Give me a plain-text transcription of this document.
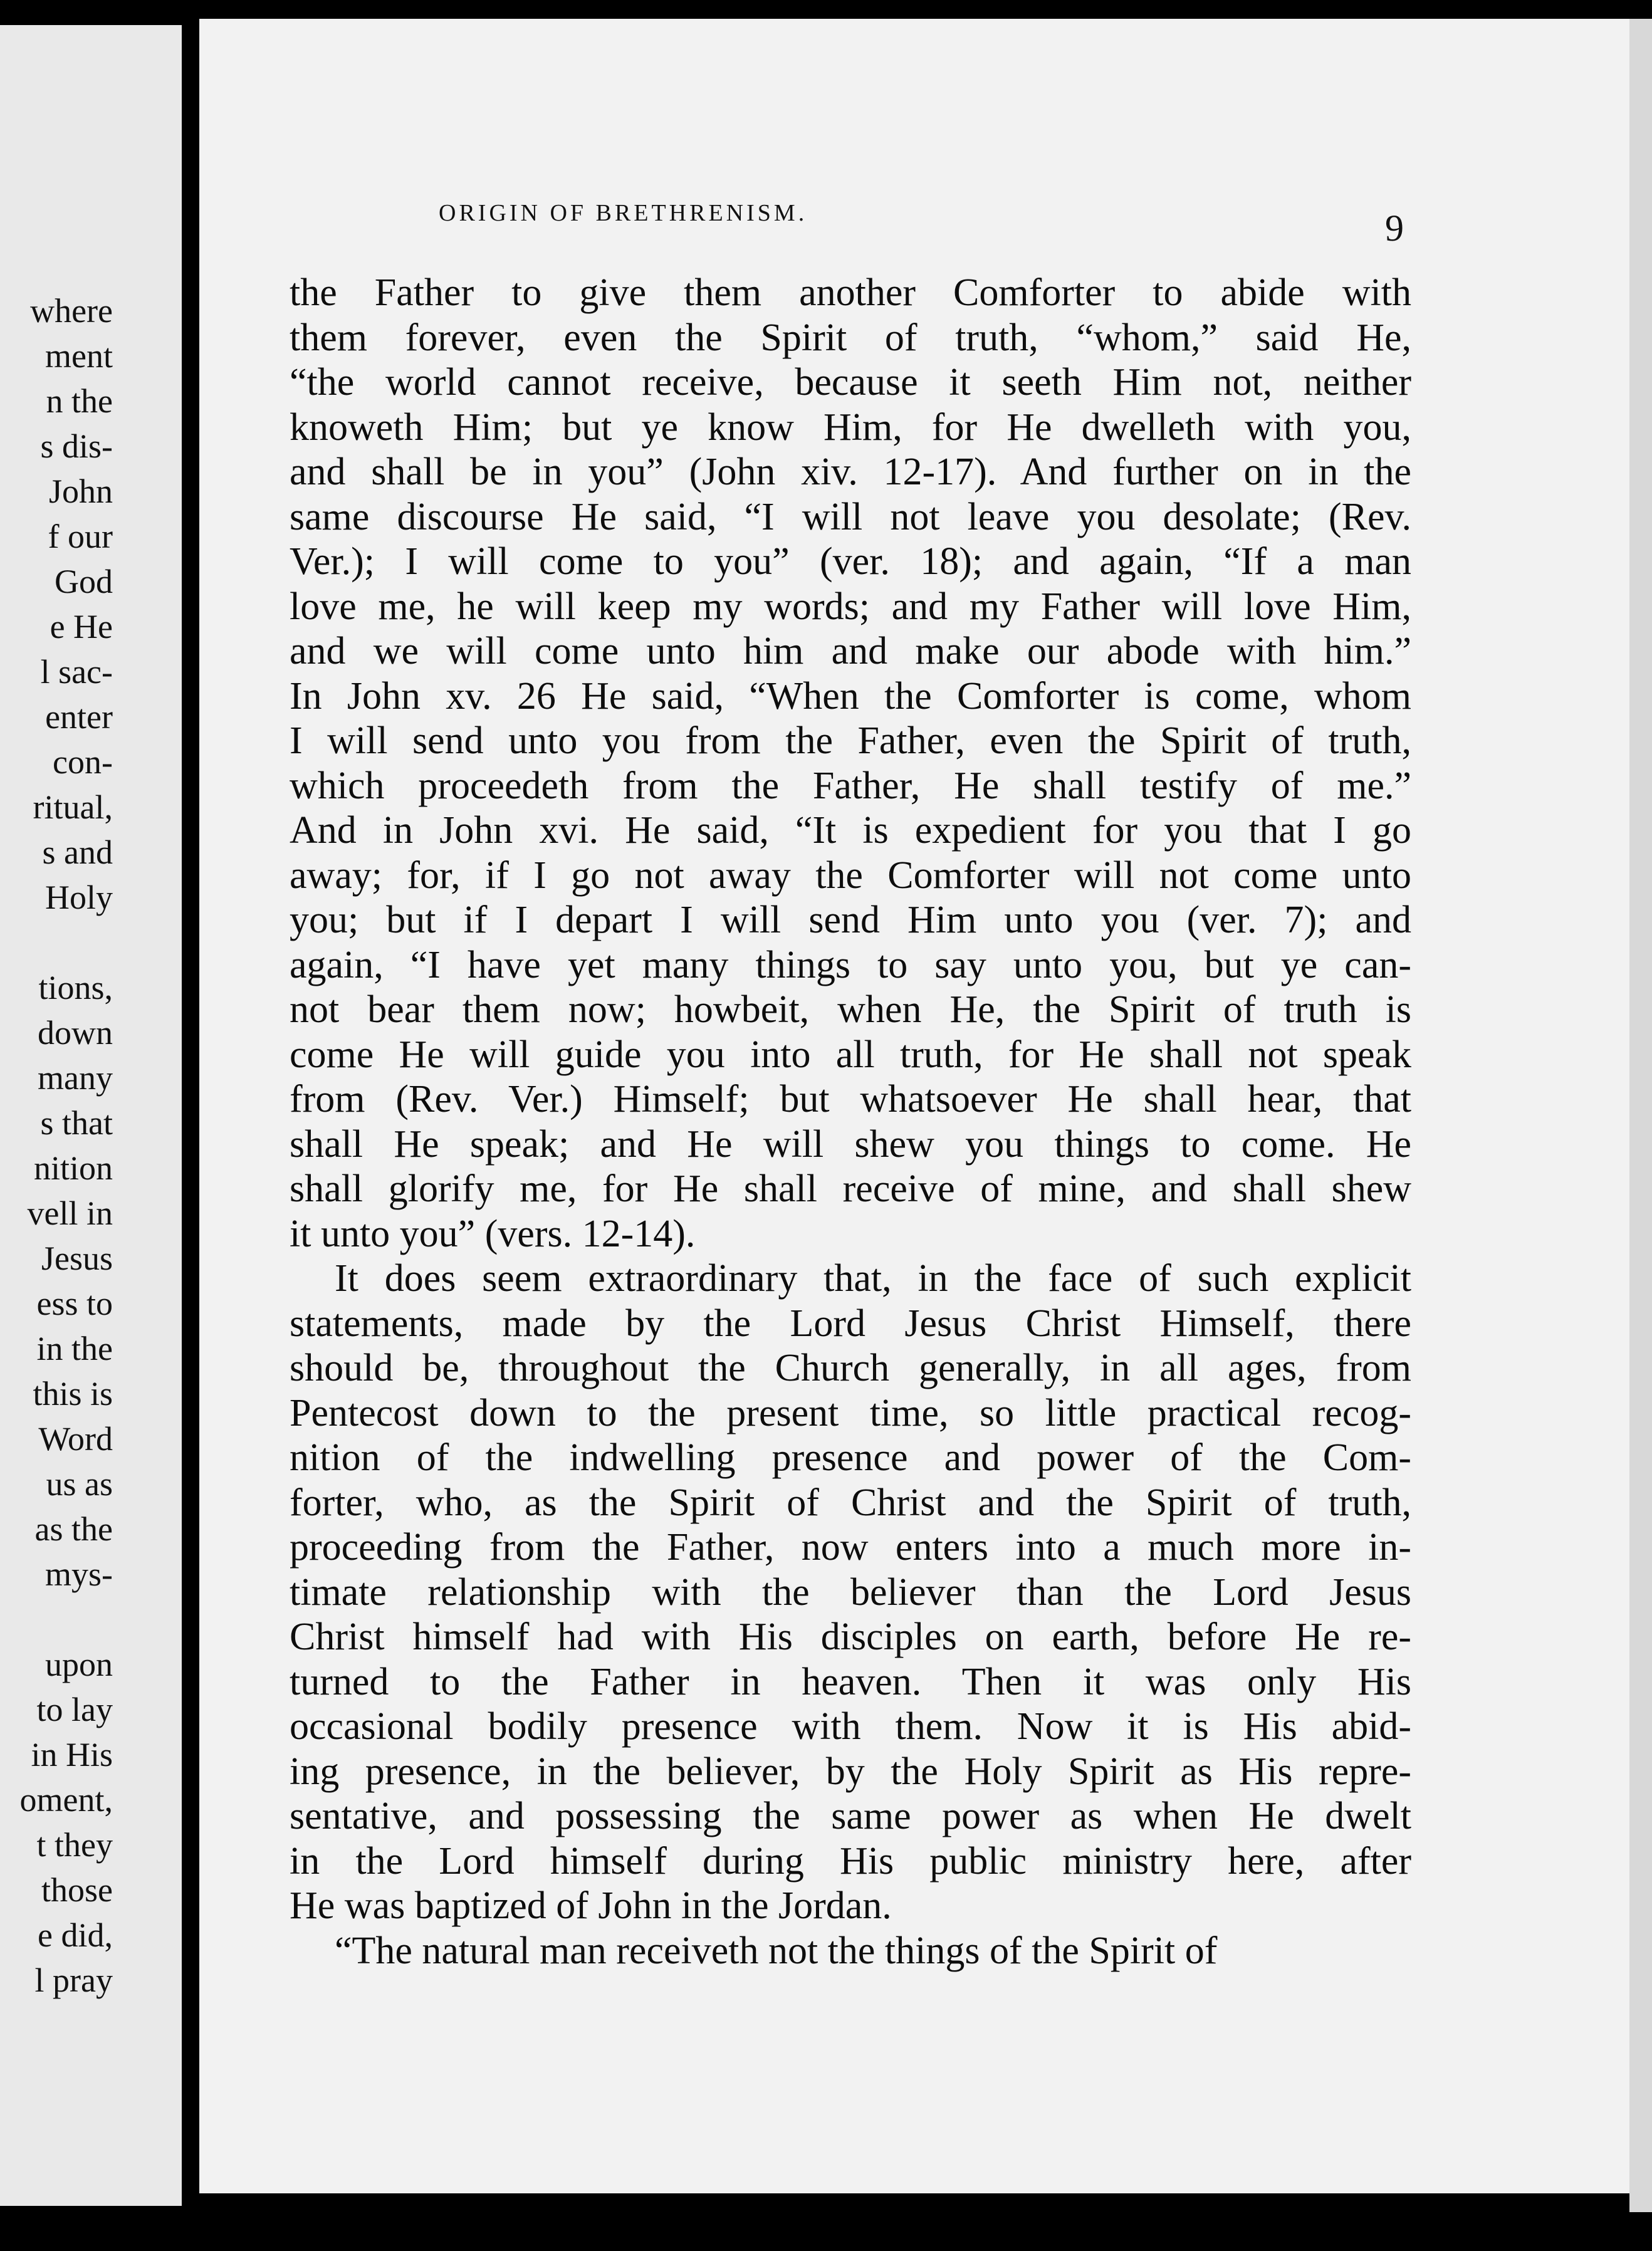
where
ment
n the
s dis-
John
f our
God
e He
l sac-
enter
con-
ritual,
s and
Holy

tions,
down
many
s that
nition
vell in
Jesus
ess to
in the
this is
Word
us as
as the
mys-

upon
to lay
in His
oment,
t they
those
e did,
l pray
ORIGIN OF BRETHRENISM.	9

the Father to give them another Comforter to abide with
them forever, even the Spirit of truth, “whom,” said He,
“the world cannot receive, because it seeth Him not, neither
knoweth Him; but ye know Him, for He dwelleth with you,
and shall be in you” (John xiv. 12-17). And further on in the
same discourse He said, “I will not leave you desolate; (Rev.
Ver.); I will come to you” (ver. 18); and again, “If a man
love me, he will keep my words; and my Father will love Him,
and we will come unto him and make our abode with him.”
In John xv. 26 He said, “When the Comforter is come, whom
I will send unto you from the Father, even the Spirit of truth,
which proceedeth from the Father, He shall testify of me.”
And in John xvi. He said, “It is expedient for you that I go
away; for, if I go not away the Comforter will not come unto
you; but if I depart I will send Him unto you (ver. 7); and
again, “I have yet many things to say unto you, but ye can-
not bear them now; howbeit, when He, the Spirit of truth is
come He will guide you into all truth, for He shall not speak
from (Rev. Ver.) Himself; but whatsoever He shall hear, that
shall He speak; and He will shew you things to come. He
shall glorify me, for He shall receive of mine, and shall shew
it unto you” (vers. 12-14).

It does seem extraordinary that, in the face of such explicit
statements, made by the Lord Jesus Christ Himself, there
should be, throughout the Church generally, in all ages, from
Pentecost down to the present time, so little practical recog-
nition of the indwelling presence and power of the Com-
forter, who, as the Spirit of Christ and the Spirit of truth,
proceeding from the Father, now enters into a much more in-
timate relationship with the believer than the Lord Jesus
Christ himself had with His disciples on earth, before He re-
turned to the Father in heaven. Then it was only His
occasional bodily presence with them. Now it is His abid-
ing presence, in the believer, by the Holy Spirit as His repre-
sentative, and possessing the same power as when He dwelt
in the Lord himself during His public ministry here, after
He was baptized of John in the Jordan.

“The natural man receiveth not the things of the Spirit of
